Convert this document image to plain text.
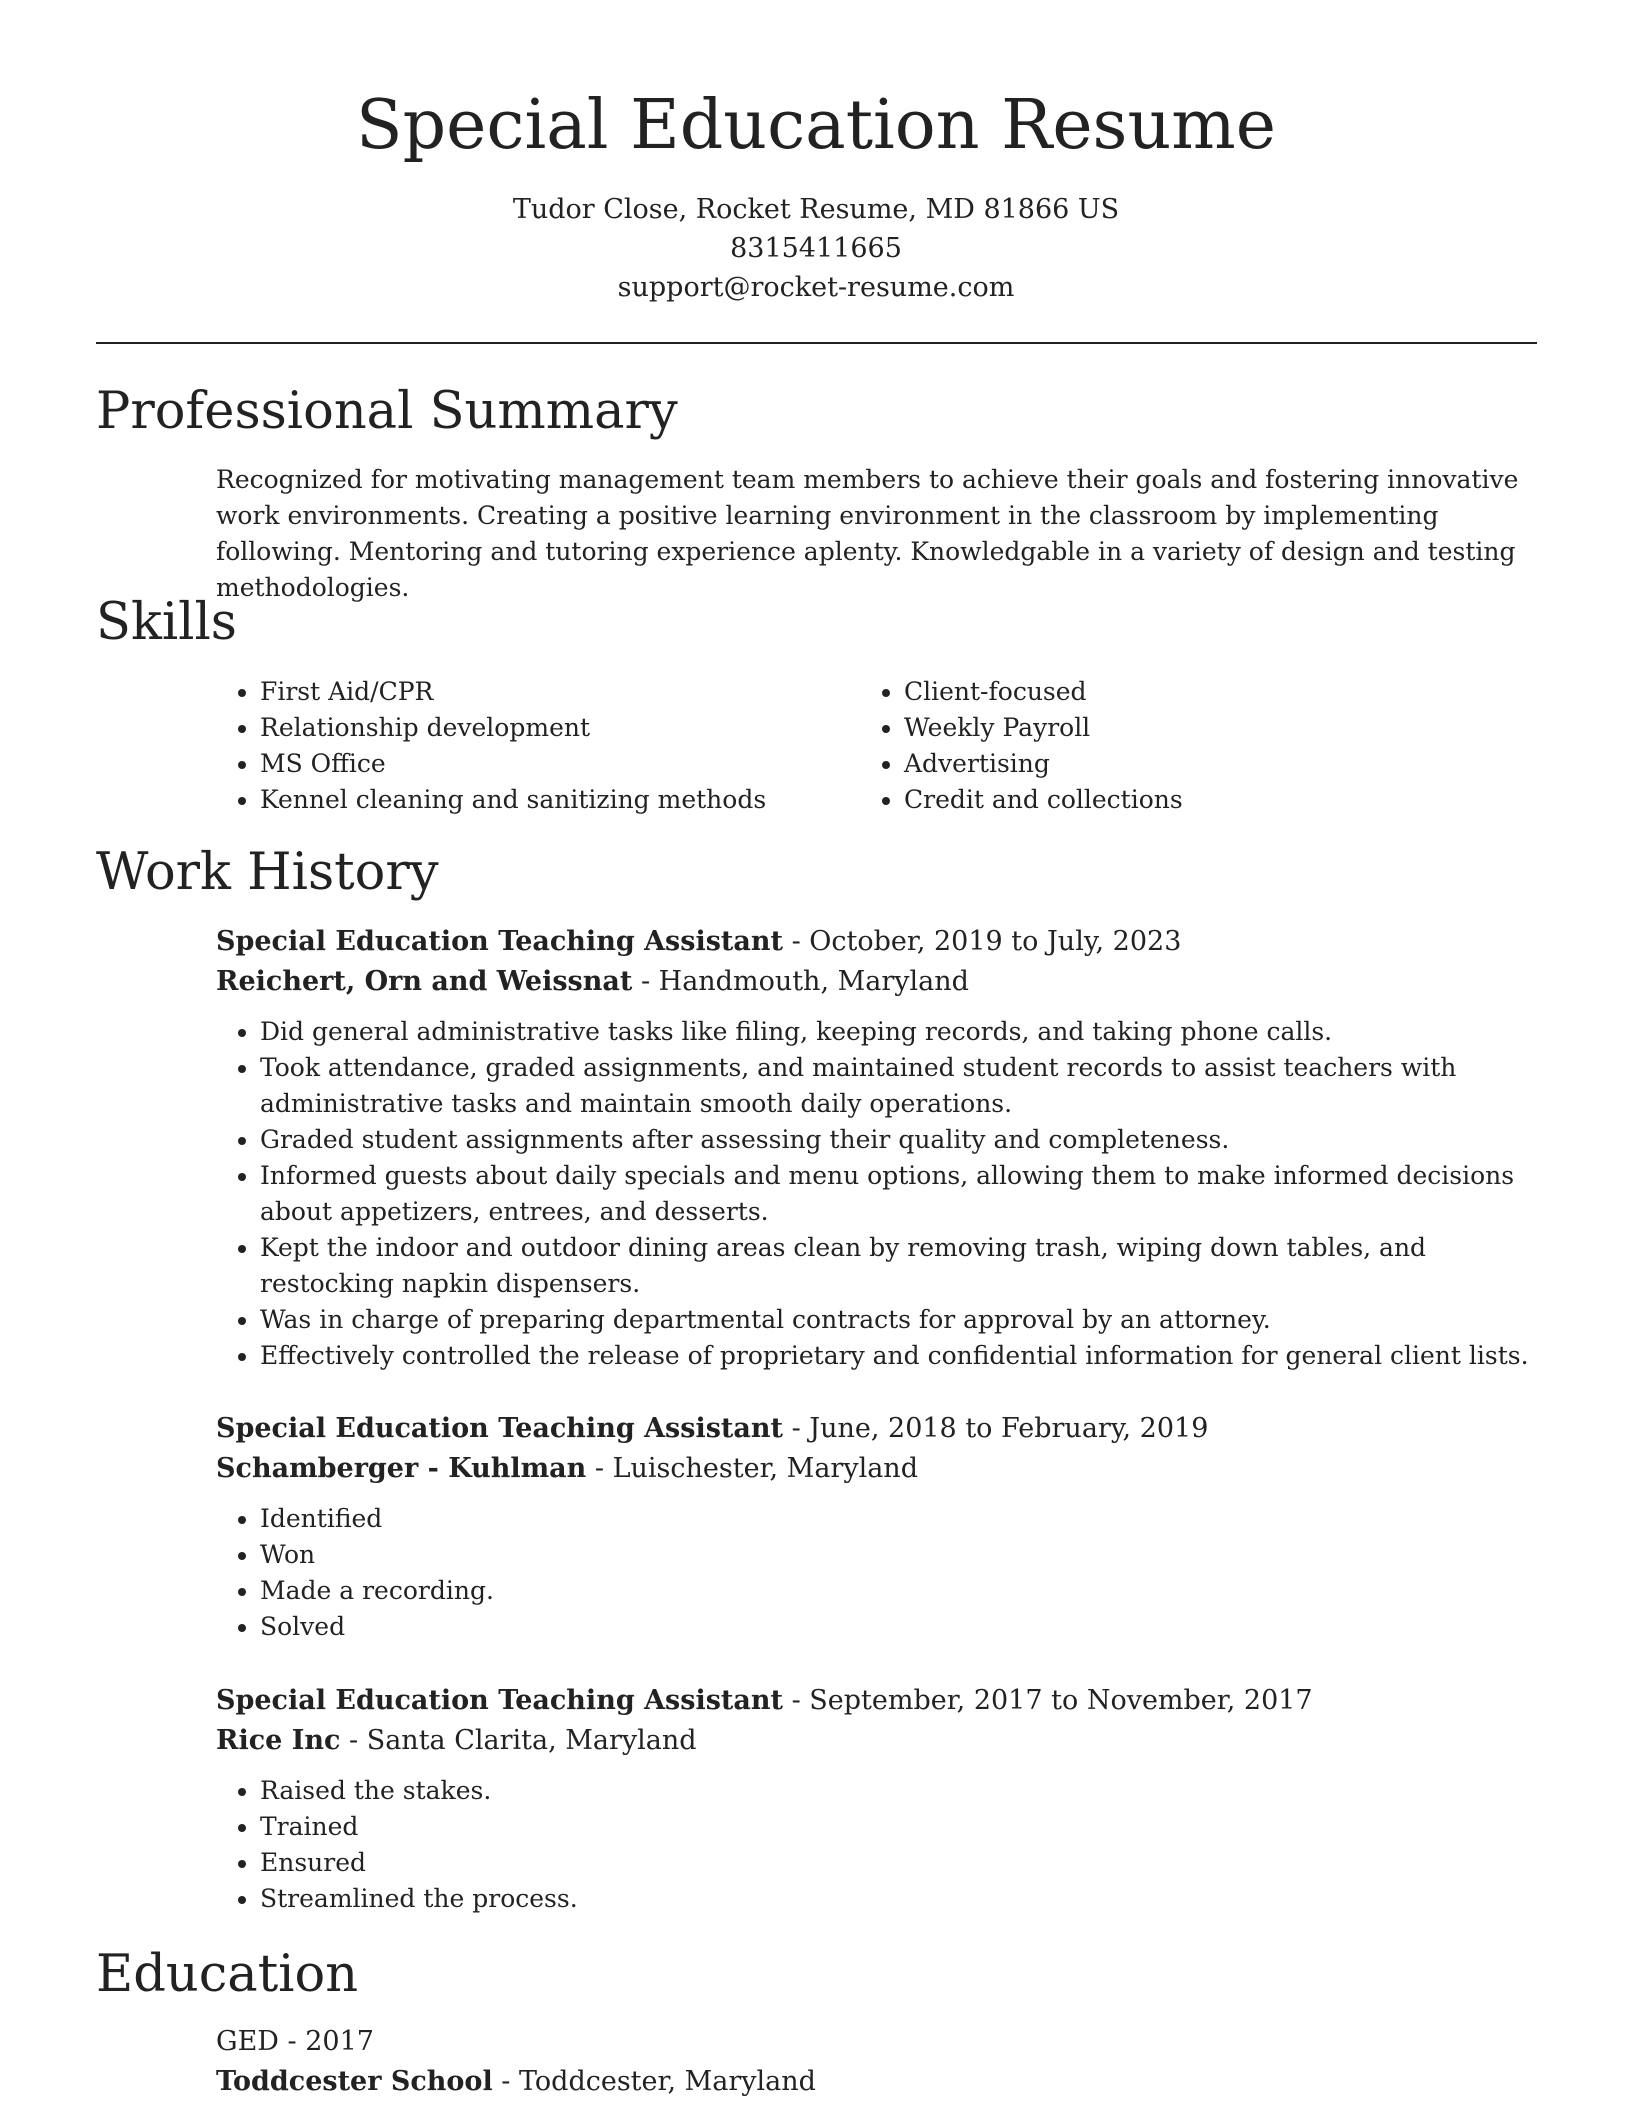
Special Education Resume
Tudor Close, Rocket Resume, MD 81866 US
8315411665
support@rocket-resume.com
Professional Summary
Recognized for motivating management team members to achieve their goals and fostering innovative work environments. Creating a positive learning environment in the classroom by implementing following. Mentoring and tutoring experience aplenty. Knowledgable in a variety of design and testing methodologies.
Skills
• First Aid/CPR
• Relationship development
• MS Office
• Kennel cleaning and sanitizing methods
• Client-focused
• Weekly Payroll
• Advertising
• Credit and collections
Work History
Special Education Teaching Assistant - October, 2019 to July, 2023
Reichert, Orn and Weissnat - Handmouth, Maryland
• Did general administrative tasks like filing, keeping records, and taking phone calls.
• Took attendance, graded assignments, and maintained student records to assist teachers with administrative tasks and maintain smooth daily operations.
• Graded student assignments after assessing their quality and completeness.
• Informed guests about daily specials and menu options, allowing them to make informed decisions about appetizers, entrees, and desserts.
• Kept the indoor and outdoor dining areas clean by removing trash, wiping down tables, and restocking napkin dispensers.
• Was in charge of preparing departmental contracts for approval by an attorney.
• Effectively controlled the release of proprietary and confidential information for general client lists.
Special Education Teaching Assistant - June, 2018 to February, 2019
Schamberger - Kuhlman - Luischester, Maryland
• Identified
• Won
• Made a recording.
• Solved
Special Education Teaching Assistant - September, 2017 to November, 2017
Rice Inc - Santa Clarita, Maryland
• Raised the stakes.
• Trained
• Ensured
• Streamlined the process.
Education
GED - 2017
Toddcester School - Toddcester, Maryland
